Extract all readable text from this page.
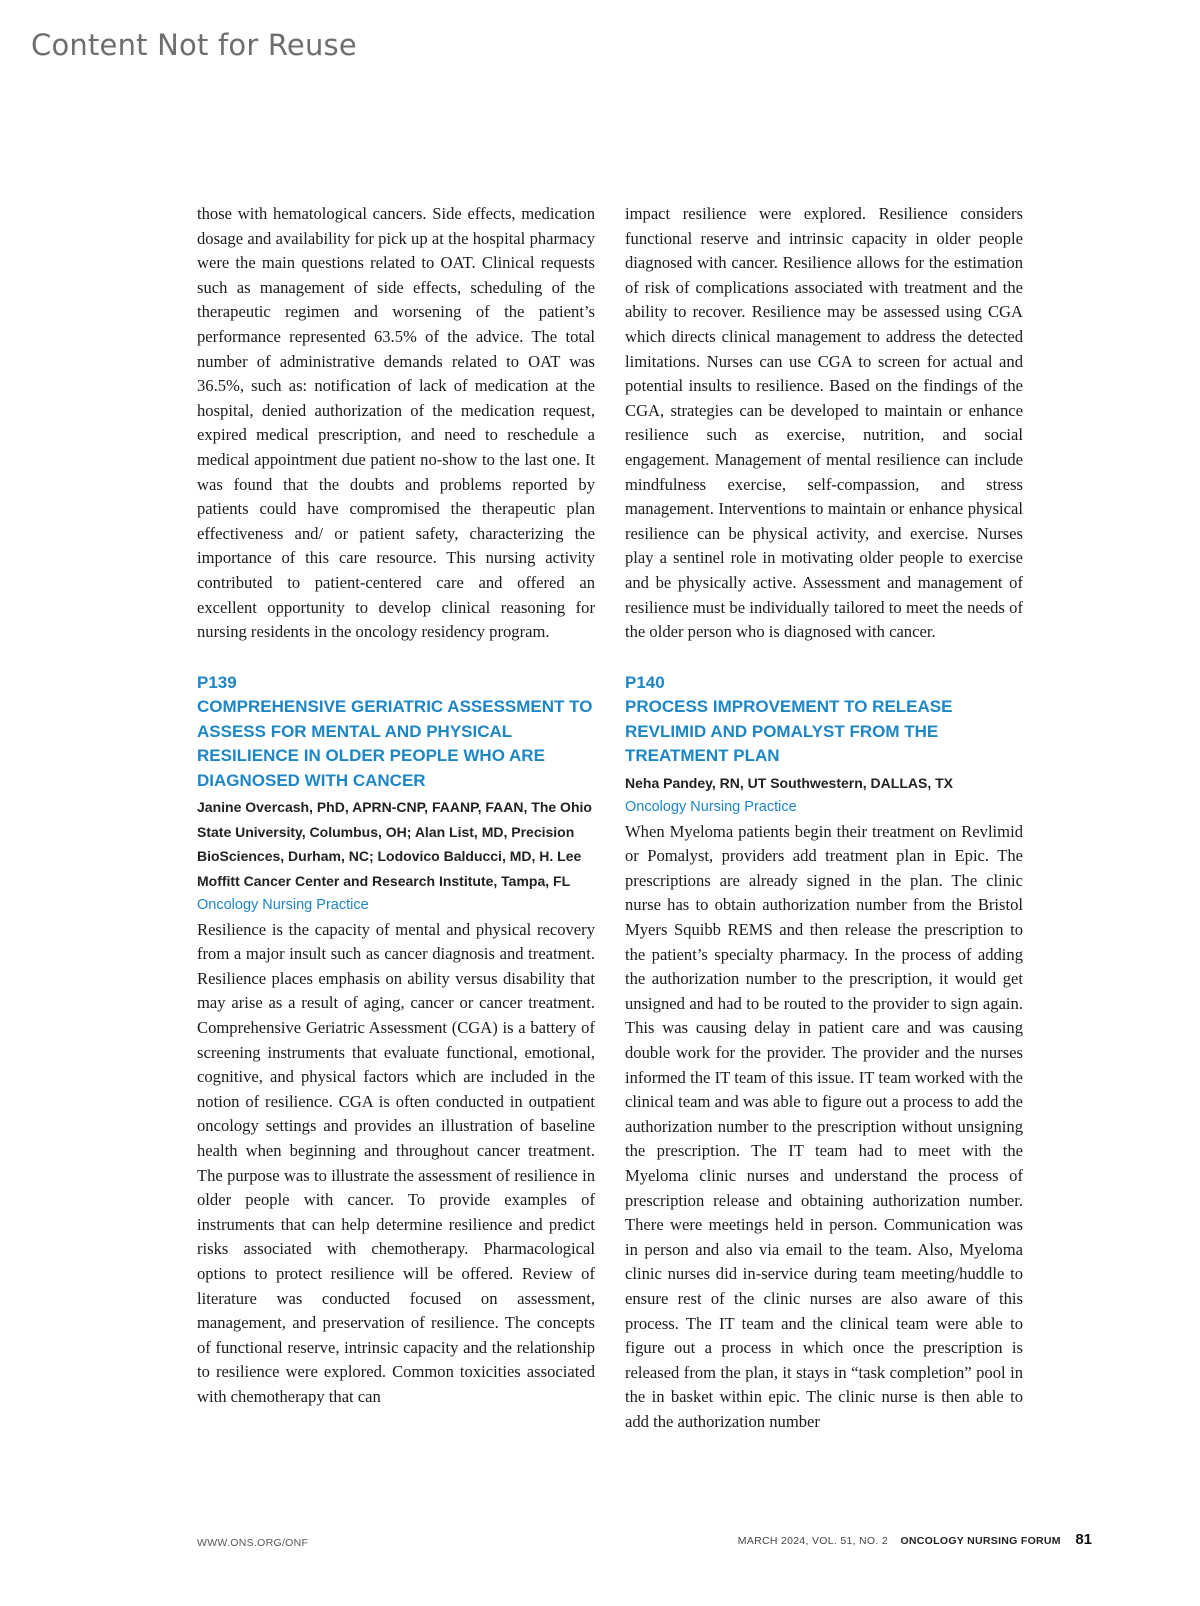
Content Not for Reuse

those with hematological cancers. Side effects, medication dosage and availability for pick up at the hospital pharmacy were the main questions related to OAT. Clinical requests such as management of side effects, scheduling of the therapeutic regimen and worsening of the patient’s performance represented 63.5% of the advice. The total number of administrative demands related to OAT was 36.5%, such as: notification of lack of medication at the hospital, denied authorization of the medication request, expired medical prescription, and need to reschedule a medical appointment due patient no-show to the last one. It was found that the doubts and problems reported by patients could have compromised the therapeutic plan effectiveness and/ or patient safety, characterizing the importance of this care resource. This nursing activity contributed to patient-centered care and offered an excellent opportunity to develop clinical reasoning for nursing residents in the oncology residency program.

P139
COMPREHENSIVE GERIATRIC ASSESSMENT TO ASSESS FOR MENTAL AND PHYSICAL RESILIENCE IN OLDER PEOPLE WHO ARE DIAGNOSED WITH CANCER

Janine Overcash, PhD, APRN-CNP, FAANP, FAAN, The Ohio State University, Columbus, OH; Alan List, MD, Precision BioSciences, Durham, NC; Lodovico Balducci, MD, H. Lee Moffitt Cancer Center and Research Institute, Tampa, FL

Oncology Nursing Practice

Resilience is the capacity of mental and physical recovery from a major insult such as cancer diagnosis and treatment. Resilience places emphasis on ability versus disability that may arise as a result of aging, cancer or cancer treatment. Comprehensive Geriatric Assessment (CGA) is a battery of screening instruments that evaluate functional, emotional, cognitive, and physical factors which are included in the notion of resilience. CGA is often conducted in outpatient oncology settings and provides an illustration of baseline health when beginning and throughout cancer treatment. The purpose was to illustrate the assessment of resilience in older people with cancer. To provide examples of instruments that can help determine resilience and predict risks associated with chemotherapy. Pharmacological options to protect resilience will be offered. Review of literature was conducted focused on assessment, management, and preservation of resilience. The concepts of functional reserve, intrinsic capacity and the relationship to resilience were explored. Common toxicities associated with chemotherapy that can

impact resilience were explored. Resilience considers functional reserve and intrinsic capacity in older people diagnosed with cancer. Resilience allows for the estimation of risk of complications associated with treatment and the ability to recover. Resilience may be assessed using CGA which directs clinical management to address the detected limitations. Nurses can use CGA to screen for actual and potential insults to resilience. Based on the findings of the CGA, strategies can be developed to maintain or enhance resilience such as exercise, nutrition, and social engagement. Management of mental resilience can include mindfulness exercise, self-compassion, and stress management. Interventions to maintain or enhance physical resilience can be physical activity, and exercise. Nurses play a sentinel role in motivating older people to exercise and be physically active. Assessment and management of resilience must be individually tailored to meet the needs of the older person who is diagnosed with cancer.

P140
PROCESS IMPROVEMENT TO RELEASE REVLIMID AND POMALYST FROM THE TREATMENT PLAN

Neha Pandey, RN, UT Southwestern, DALLAS, TX

Oncology Nursing Practice

When Myeloma patients begin their treatment on Revlimid or Pomalyst, providers add treatment plan in Epic. The prescriptions are already signed in the plan. The clinic nurse has to obtain authorization number from the Bristol Myers Squibb REMS and then release the prescription to the patient’s specialty pharmacy. In the process of adding the authorization number to the prescription, it would get unsigned and had to be routed to the provider to sign again. This was causing delay in patient care and was causing double work for the provider. The provider and the nurses informed the IT team of this issue. IT team worked with the clinical team and was able to figure out a process to add the authorization number to the prescription without unsigning the prescription. The IT team had to meet with the Myeloma clinic nurses and understand the process of prescription release and obtaining authorization number. There were meetings held in person. Communication was in person and also via email to the team. Also, Myeloma clinic nurses did in-service during team meeting/huddle to ensure rest of the clinic nurses are also aware of this process. The IT team and the clinical team were able to figure out a process in which once the prescription is released from the plan, it stays in “task completion” pool in the in basket within epic. The clinic nurse is then able to add the authorization number

WWW.ONS.ORG/ONF	MARCH 2024, VOL. 51, NO. 2 ONCOLOGY NURSING FORUM 81
